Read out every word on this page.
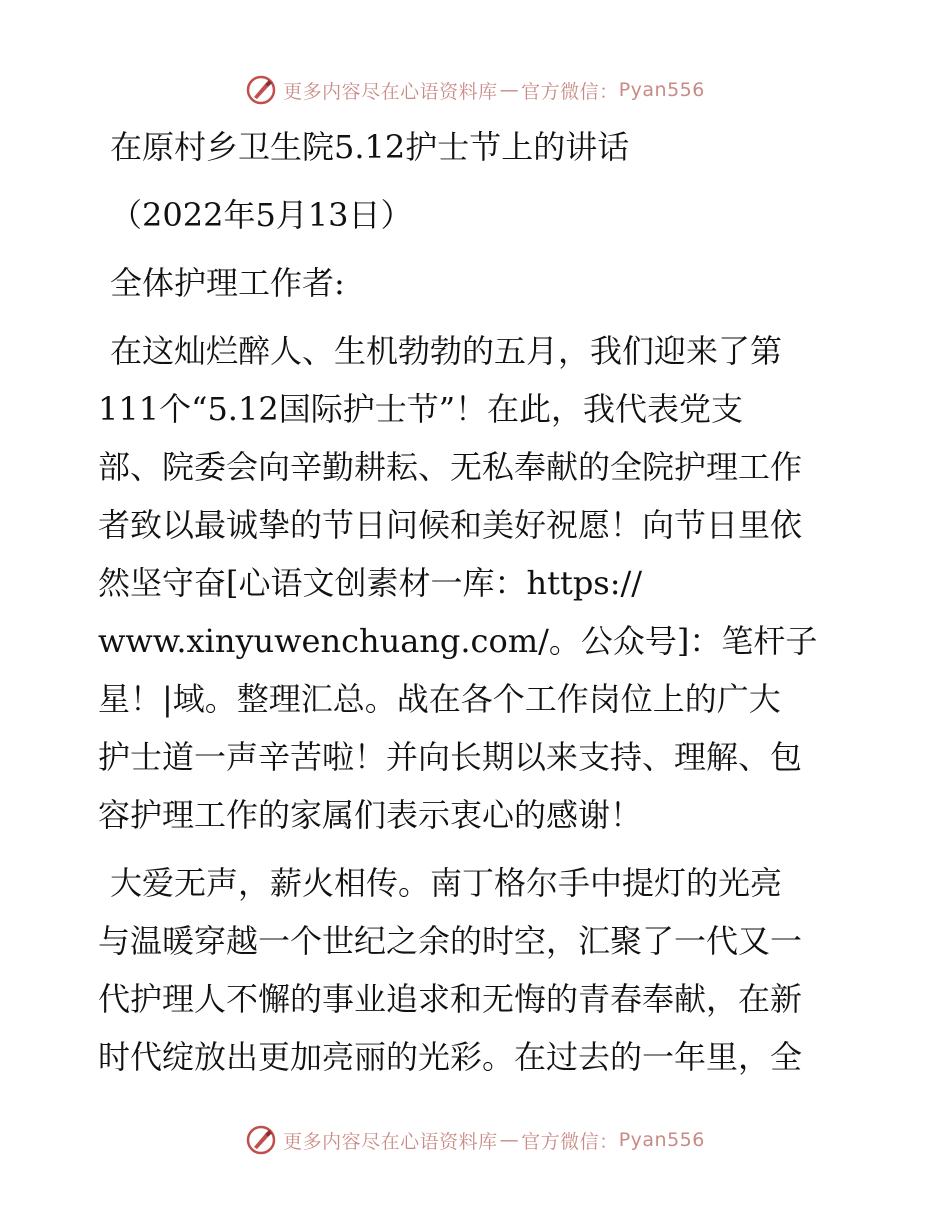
更多内容尽在心语资料库 — 官方微信： Pyan556
在原村乡卫生院5.12护士节上的讲话
（2022年5月13日）
全体护理工作者:
在这灿烂醉人、生机勃勃的五月，我们迎来了第
111个“5.12国际护士节”！在此，我代表党支
部、院委会向辛勤耕耘、无私奉献的全院护理工作
者致以最诚挚的节日问候和美好祝愿！向节日里依
然坚守奋[心语文创素材一库：https://
www.xinyuwenchuang.com/。公众号]：笔杆子
星！|域。整理汇总。战在各个工作岗位上的广大
护士道一声辛苦啦！并向长期以来支持、理解、包
容护理工作的家属们表示衷心的感谢！
大爱无声，薪火相传。南丁格尔手中提灯的光亮
与温暖穿越一个世纪之余的时空，汇聚了一代又一
代护理人不懈的事业追求和无悔的青春奉献，在新
时代绽放出更加亮丽的光彩。在过去的一年里，全
更多内容尽在心语资料库 — 官方微信： Pyan556
